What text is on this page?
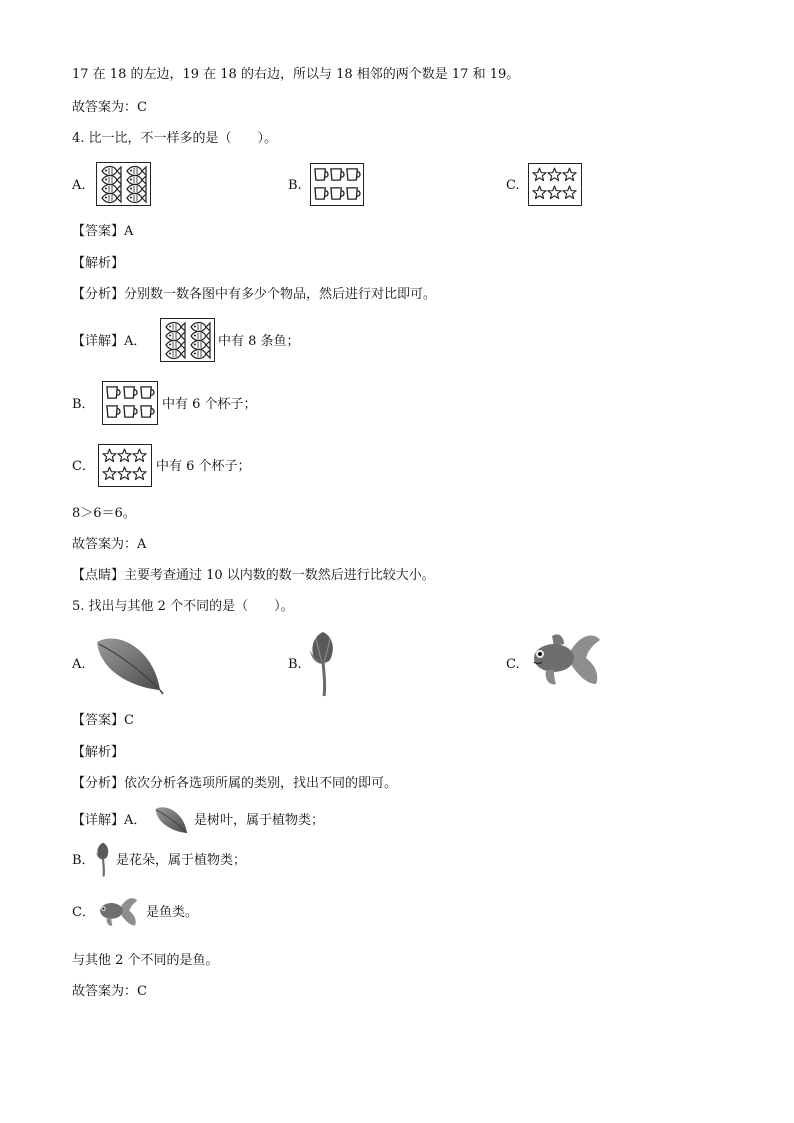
17 在 18 的左边，19 在 18 的右边，所以与 18 相邻的两个数是 17 和 19。
故答案为：C
4. 比一比，不一样多的是（　　）。
A.	B.	C.
【答案】A
【解析】
【分析】分别数一数各图中有多少个物品，然后进行对比即可。
【详解】A．	中有 8 条鱼；
B．	中有 6 个杯子；
C．	中有 6 个杯子；
8＞6＝6。
故答案为：A
【点睛】主要考查通过 10 以内数的数一数然后进行比较大小。
5. 找出与其他 2 个不同的是（　　）。
A.	B.	C.
【答案】C
【解析】
【分析】依次分析各选项所属的类别，找出不同的即可。
【详解】A．	是树叶，属于植物类；
B． 是花朵，属于植物类；
C．	是鱼类。
与其他 2 个不同的是鱼。
故答案为：C
